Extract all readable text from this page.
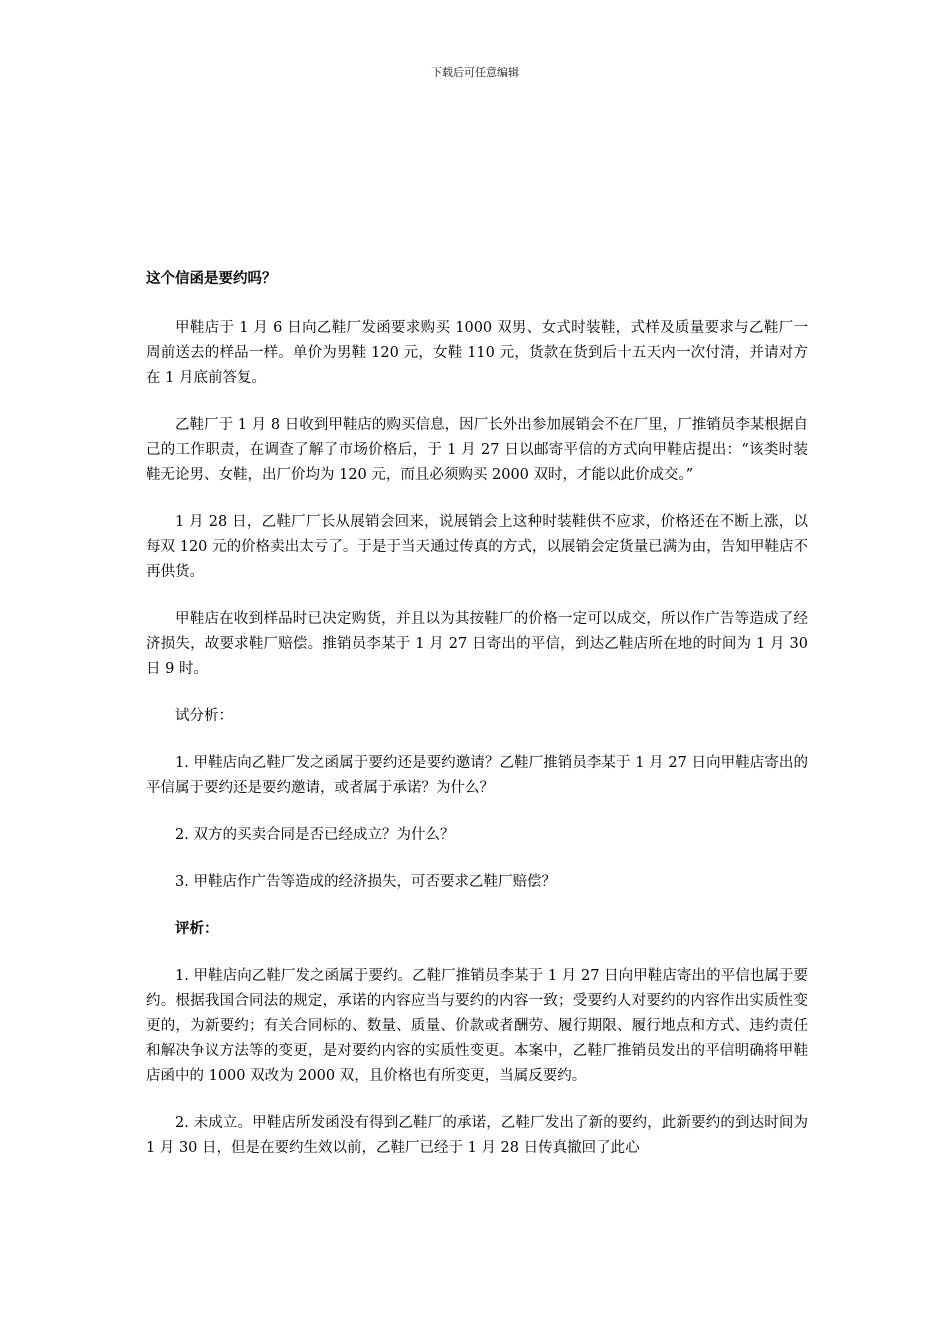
下载后可任意编辑
这个信函是要约吗？

甲鞋店于 1 月 6 日向乙鞋厂发函要求购买 1000 双男、女式时装鞋，式样及质量要求与乙鞋厂一周前送去的样品一样。单价为男鞋 120 元，女鞋 110 元，货款在货到后十五天内一次付清，并请对方在 1 月底前答复。

乙鞋厂于 1 月 8 日收到甲鞋店的购买信息，因厂长外出参加展销会不在厂里，厂推销员李某根据自己的工作职责，在调查了解了市场价格后，于 1 月 27 日以邮寄平信的方式向甲鞋店提出：“该类时装鞋无论男、女鞋，出厂价均为 120 元，而且必须购买 2000 双时，才能以此价成交。”

1 月 28 日，乙鞋厂厂长从展销会回来，说展销会上这种时装鞋供不应求，价格还在不断上涨，以每双 120 元的价格卖出太亏了。于是于当天通过传真的方式，以展销会定货量已满为由，告知甲鞋店不再供货。

甲鞋店在收到样品时已决定购货，并且以为其按鞋厂的价格一定可以成交，所以作广告等造成了经济损失，故要求鞋厂赔偿。推销员李某于 1 月 27 日寄出的平信，到达乙鞋店所在地的时间为 1 月 30 日 9 时。

试分析：

1. 甲鞋店向乙鞋厂发之函属于要约还是要约邀请？乙鞋厂推销员李某于 1 月 27 日向甲鞋店寄出的平信属于要约还是要约邀请，或者属于承诺？为什么？

2. 双方的买卖合同是否已经成立？为什么？

3. 甲鞋店作广告等造成的经济损失，可否要求乙鞋厂赔偿？

评析：

1. 甲鞋店向乙鞋厂发之函属于要约。乙鞋厂推销员李某于 1 月 27 日向甲鞋店寄出的平信也属于要约。根据我国合同法的规定，承诺的内容应当与要约的内容一致；受要约人对要约的内容作出实质性变更的，为新要约；有关合同标的、数量、质量、价款或者酬劳、履行期限、履行地点和方式、违约责任和解决争议方法等的变更，是对要约内容的实质性变更。本案中，乙鞋厂推销员发出的平信明确将甲鞋店函中的 1000 双改为 2000 双，且价格也有所变更，当属反要约。

2. 未成立。甲鞋店所发函没有得到乙鞋厂的承诺，乙鞋厂发出了新的要约，此新要约的到达时间为 1 月 30 日，但是在要约生效以前，乙鞋厂已经于 1 月 28 日传真撤回了此心
